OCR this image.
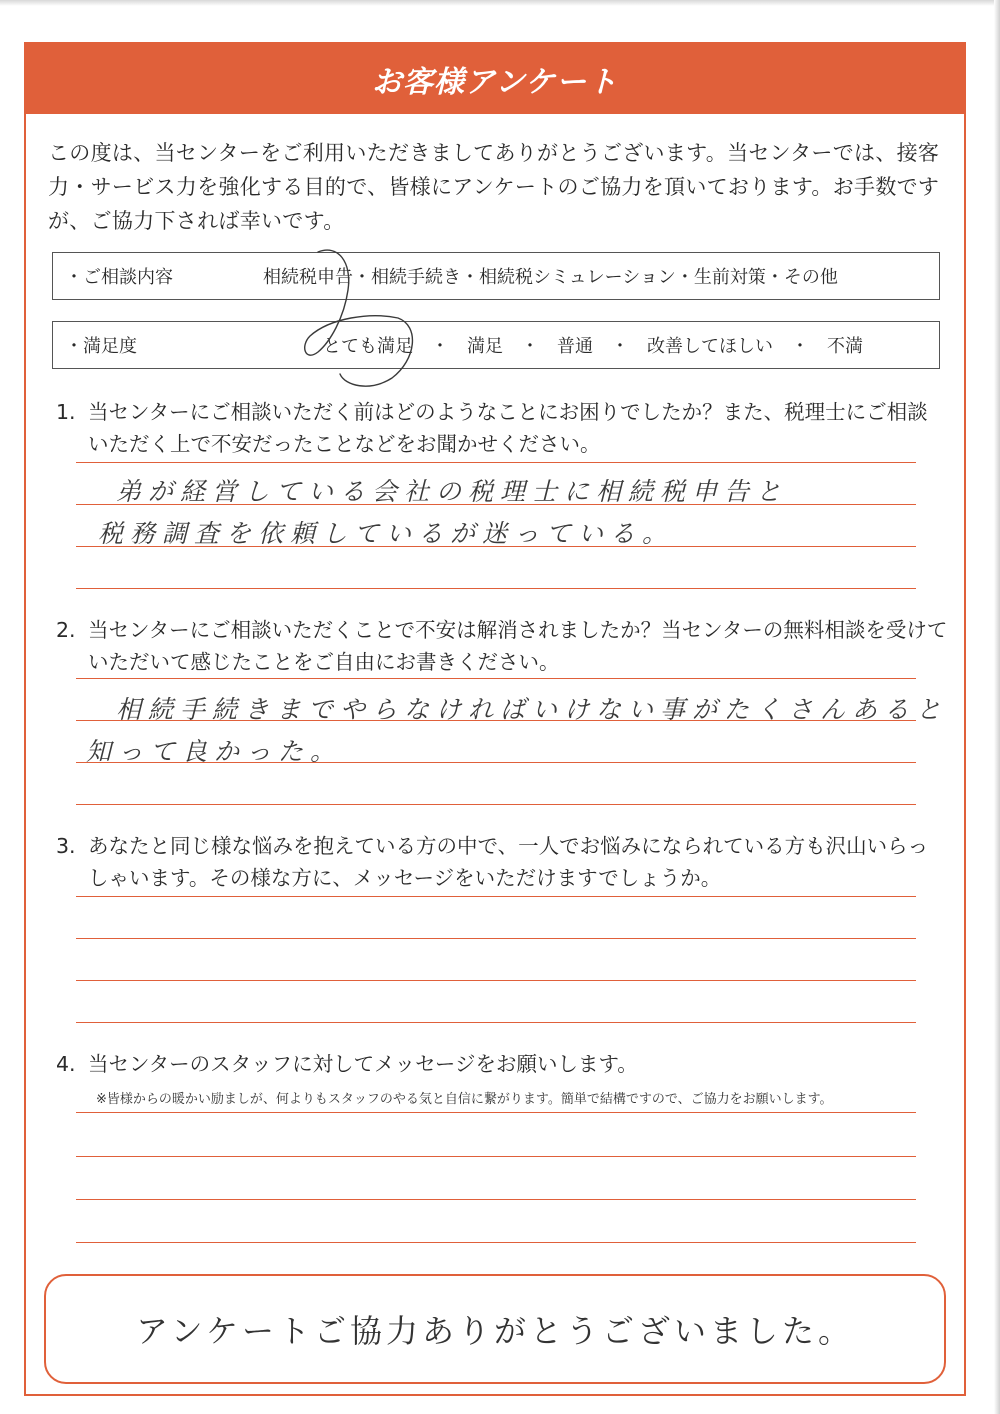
お客様アンケート
この度は、当センターをご利用いただきましてありがとうございます。当センターでは、接客力・サービス力を強化する目的で、皆様にアンケートのご協力を頂いております。お手数ですが、ご協力下されば幸いです。
・ご相談内容	相続税申告・相続手続き・相続税シミュレーション・生前対策・その他
・満足度	とても満足　・　満足　・　普通　・　改善してほしい　・　不満
1. 当センターにご相談いただく前はどのようなことにお困りでしたか？また、税理士にご相談いただく上で不安だったことなどをお聞かせください。
2. 当センターにご相談いただくことで不安は解消されましたか？当センターの無料相談を受けていただいて感じたことをご自由にお書きください。
3. あなたと同じ様な悩みを抱えている方の中で、一人でお悩みになられている方も沢山いらっしゃいます。その様な方に、メッセージをいただけますでしょうか。
4. 当センターのスタッフに対してメッセージをお願いします。
※皆様からの暖かい励ましが、何よりもスタッフのやる気と自信に繋がります。簡単で結構ですので、ご協力をお願いします。
弟が経営している会社の税理士に相続税申告と
税務調査を依頼しているが迷っている。
相続手続きまでやらなければいけない事がたくさんあると
知って良かった。
アンケートご協力ありがとうございました。
